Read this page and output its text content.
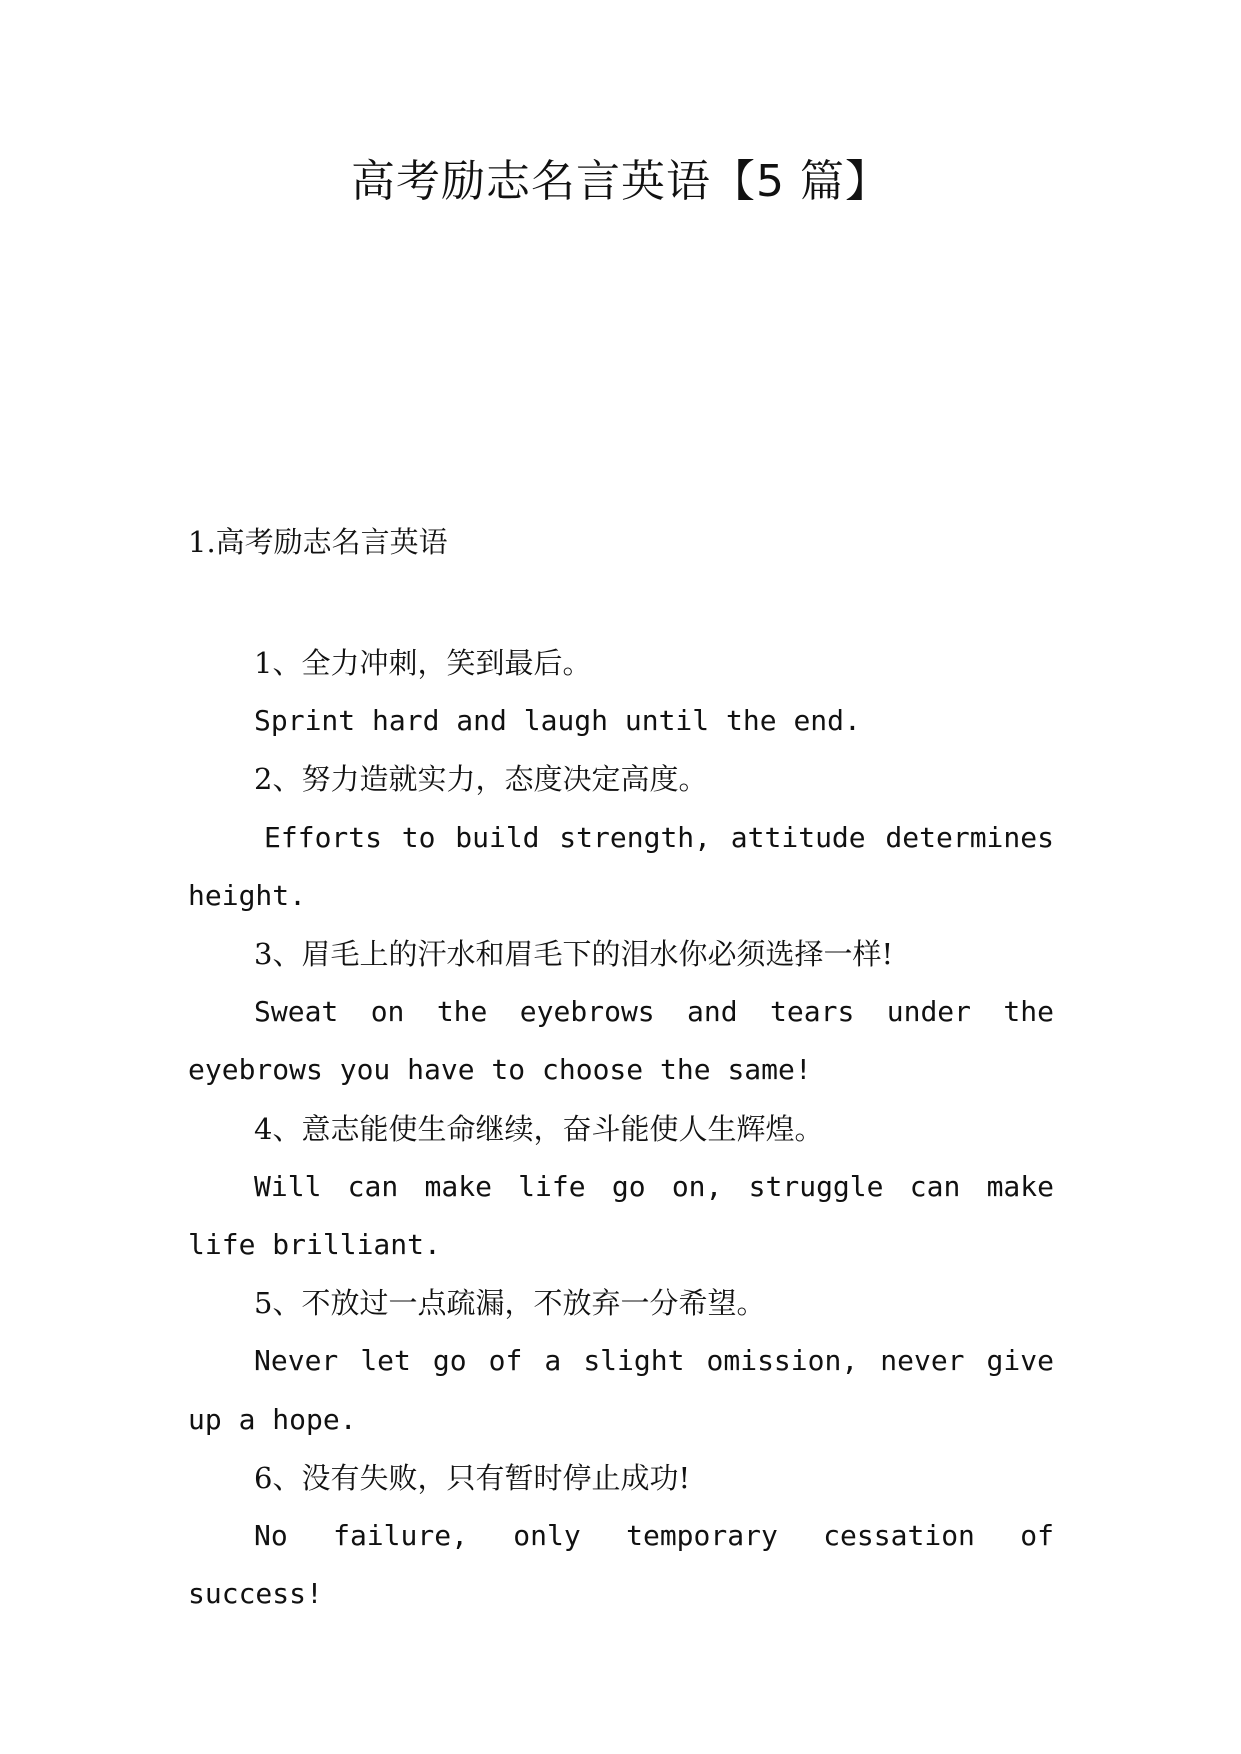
高考励志名言英语【5 篇】
1.高考励志名言英语

1、全力冲刺，笑到最后。

Sprint hard and laugh until the end.

2、努力造就实力，态度决定高度。

Efforts to build strength, attitude determines height.

3、眉毛上的汗水和眉毛下的泪水你必须选择一样!

Sweat on the eyebrows and tears under the eyebrows you have to choose the same!

4、意志能使生命继续，奋斗能使人生辉煌。

Will can make life go on, struggle can make life brilliant.

5、不放过一点疏漏，不放弃一分希望。

Never let go of a slight omission, never give up a hope.

6、没有失败，只有暂时停止成功!

No failure, only temporary cessation of success!
